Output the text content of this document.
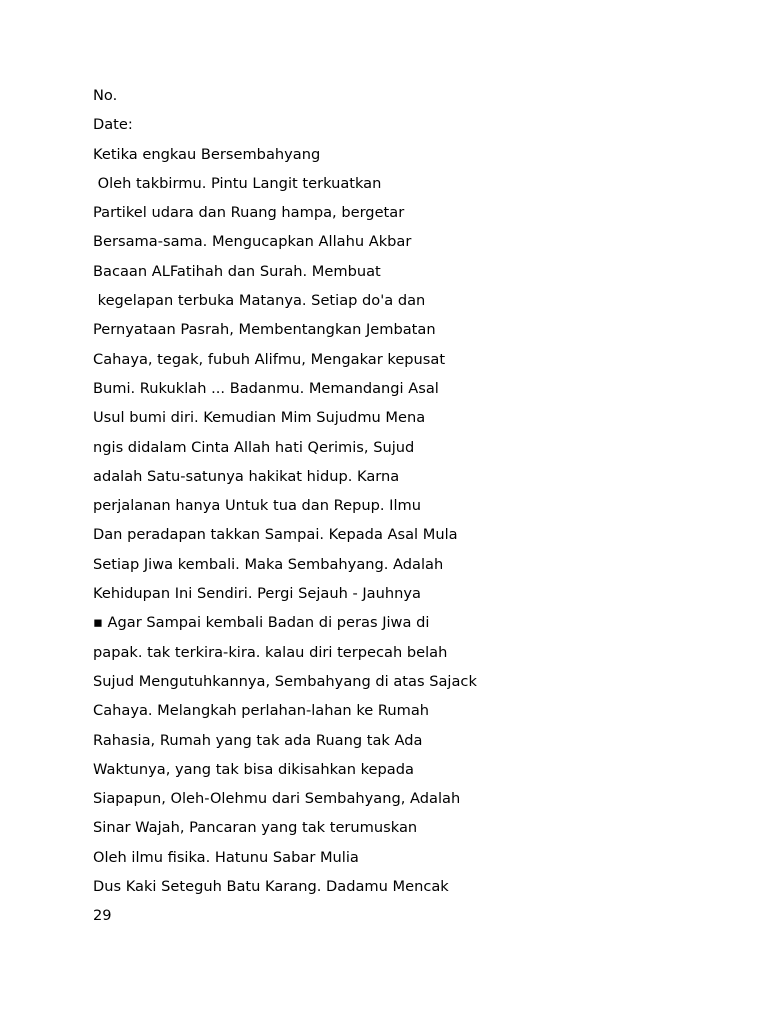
No.
Date:
Ketika engkau Bersembahyang
Oleh takbirmu. Pintu Langit terkuatkan
Partikel udara dan Ruang hampa, bergetar
Bersama-sama. Mengucapkan Allahu Akbar
Bacaan ALFatihah dan Surah. Membuat
kegelapan terbuka Matanya. Setiap do'a dan
Pernyataan Pasrah, Membentangkan Jembatan
Cahaya, tegak, fubuh Alifmu, Mengakar kepusat
Bumi. Rukuklah ... Badanmu. Memandangi Asal
Usul bumi diri. Kemudian Mim Sujudmu Mena
ngis didalam Cinta Allah hati Qerimis, Sujud
adalah Satu-satunya hakikat hidup. Karna
perjalanan hanya Untuk tua dan Repup. Ilmu
Dan peradapan takkan Sampai. Kepada Asal Mula
Setiap Jiwa kembali. Maka Sembahyang. Adalah
Kehidupan Ini Sendiri. Pergi Sejauh - Jauhnya
▪ Agar Sampai kembali Badan di peras Jiwa di
papak. tak terkira-kira. kalau diri terpecah belah
Sujud Mengutuhkannya, Sembahyang di atas Sajack
Cahaya. Melangkah perlahan-lahan ke Rumah
Rahasia, Rumah yang tak ada Ruang tak Ada
Waktunya, yang tak bisa dikisahkan kepada
Siapapun, Oleh-Olehmu dari Sembahyang, Adalah
Sinar Wajah, Pancaran yang tak terumuskan
Oleh ilmu fisika. Hatunu Sabar Mulia
Dus Kaki Seteguh Batu Karang. Dadamu Mencak
29
